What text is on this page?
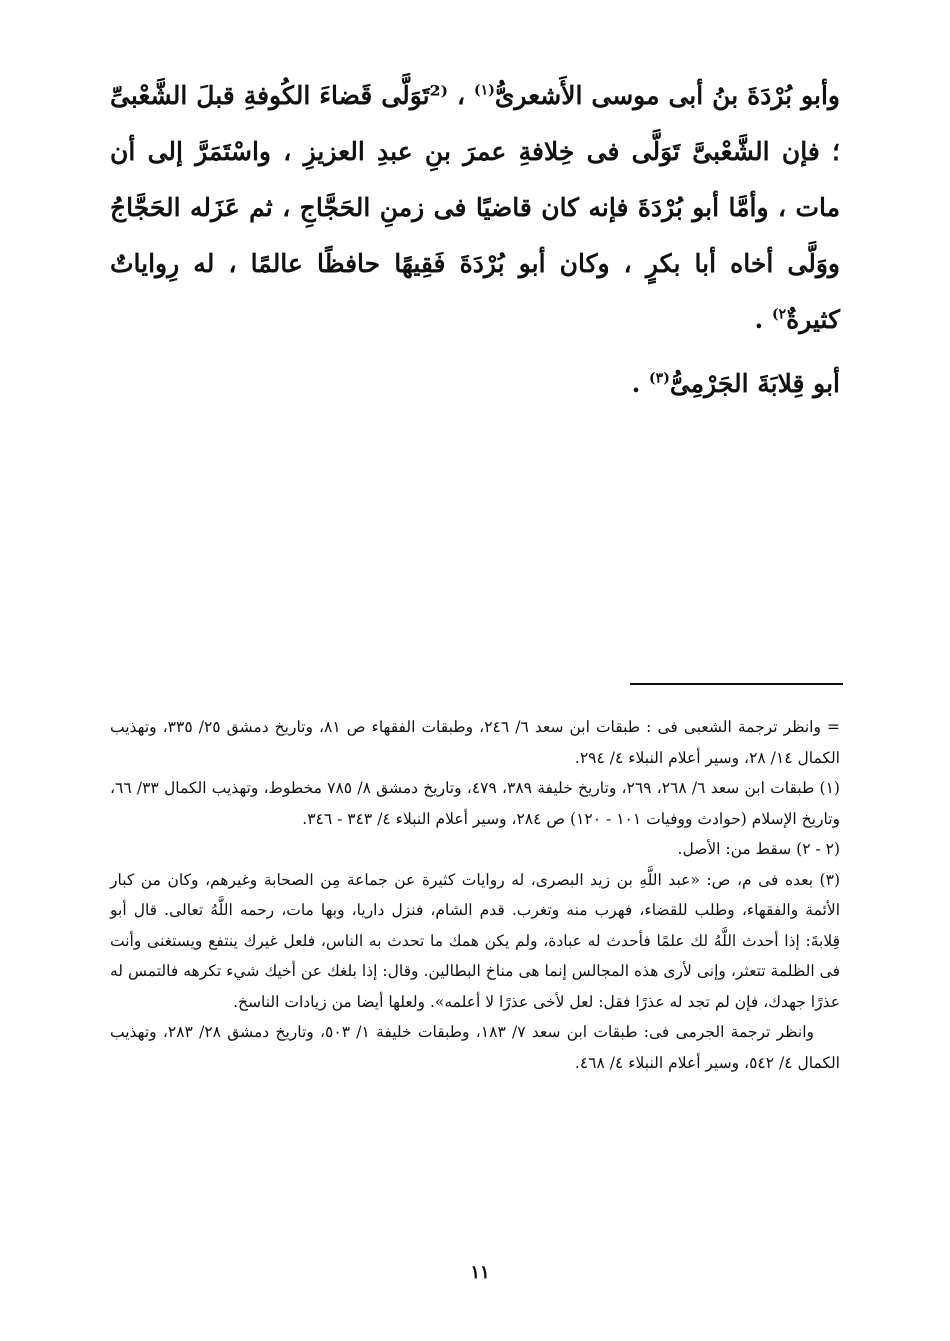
وأبو بُرْدَةَ بنُ أبى موسى الأَشعرىُّ$^{(١)}$ ، ⁽²تَوَلَّى قَضاءَ الكُوفةِ قبلَ الشَّعْبىِّ ؛ فإن الشَّعْبىَّ تَوَلَّى فى خِلافةِ عمرَ بنِ عبدِ العزيزِ ، واسْتَمَرَّ إلى أن مات ، وأمَّا أبو بُرْدَةَ فإنه كان قاضيًا فى زمنِ الحَجَّاجِ ، ثم عَزَله الحَجَّاجُ ووَلَّى أخاه أبا بكرٍ ، وكان أبو بُرْدَةَ فَقِيهًا حافظًا عالمًا ، له رِواياتٌ كثيرةٌ$^{٢)}$ .

أبو قِلابَةَ الجَرْمِىُّ$^{(٣)}$ .

= وانظر ترجمة الشعبى فى : طبقات ابن سعد ٦/ ٢٤٦، وطبقات الفقهاء ص ٨١، وتاريخ دمشق ٢٥/ ٣٣٥، وتهذيب الكمال ١٤/ ٢٨، وسير أعلام النبلاء ٤/ ٢٩٤.

(١) طبقات ابن سعد ٦/ ٢٦٨، ٢٦٩، وتاريخ خليفة ٣٨٩، ٤٧٩، وتاريخ دمشق ٨/ ٧٨٥ مخطوط، وتهذيب الكمال ٣٣/ ٦٦، وتاريخ الإسلام (حوادث ووفيات ١٠١ - ١٢٠) ص ٢٨٤، وسير أعلام النبلاء ٤/ ٣٤٣ - ٣٤٦.

(٢ - ٢) سقط من: الأصل.

(٣) بعده فى م، ص: «عبد اللَّهِ بن زيد البصرى، له روايات كثيرة عن جماعة مِن الصحابة وغيرهم، وكان من كبار الأئمة والفقهاء، وطلب للقضاء، فهرب منه وتغرب. قدم الشام، فنزل داريا، وبها مات، رحمه اللَّهُ تعالى. قال أبو قِلابةَ: إذا أحدث اللَّهُ لك علمًا فأحدث له عبادة، ولم يكن همك ما تحدث به الناس، فلعل غيرك ينتفع ويستغنى وأنت فى الظلمة تتعثر، وإنى لأرى هذه المجالس إنما هى مناخ البطالين. وقال: إذا بلغك عن أخيك شيء تكرهه فالتمس له عذرًا جهدك، فإن لم تجد له عذرًا فقل: لعل لأخى عذرًا لا أعلمه». ولعلها أيضا من زيادات الناسخ.

وانظر ترجمة الجرمى فى: طبقات ابن سعد ٧/ ١٨٣، وطبقات خليفة ١/ ٥٠٣، وتاريخ دمشق ٢٨/ ٢٨٣، وتهذيب الكمال ٤/ ٥٤٢، وسير أعلام النبلاء ٤/ ٤٦٨.

١١
